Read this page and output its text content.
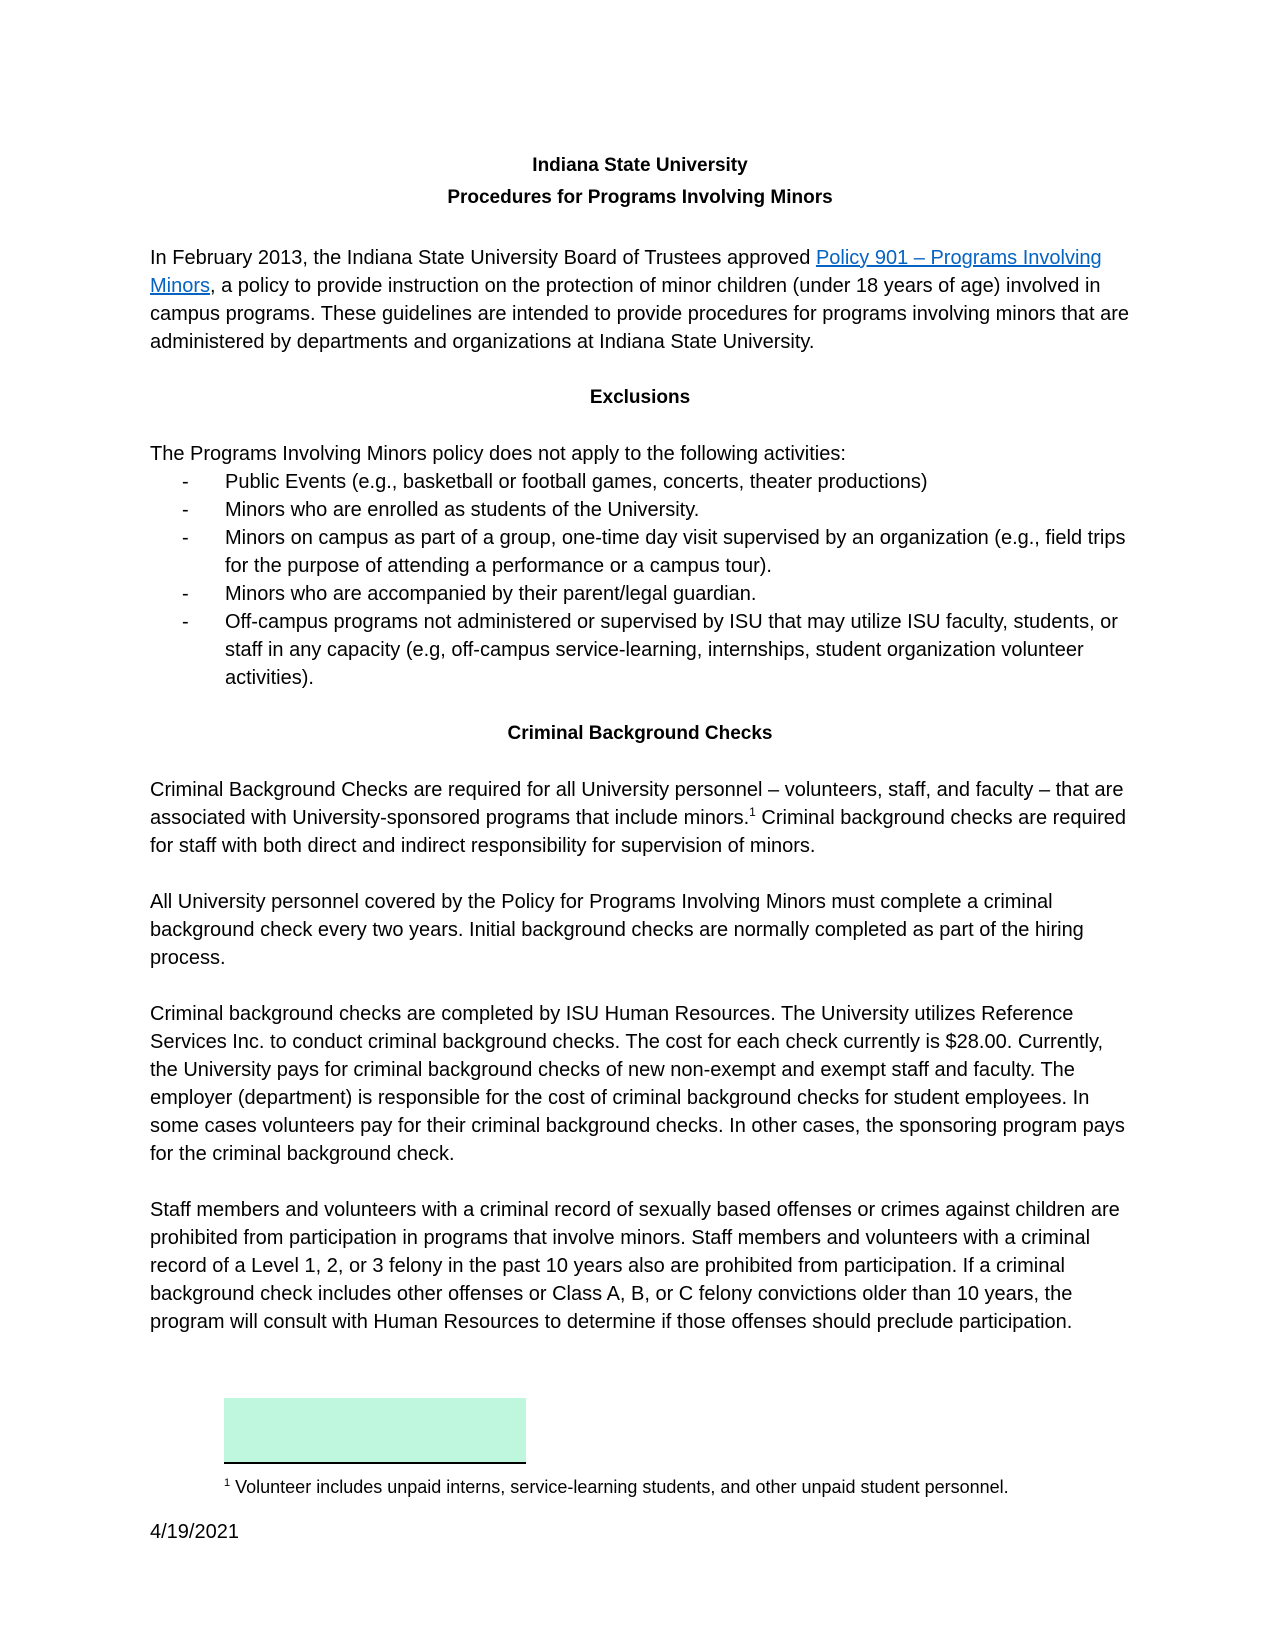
Indiana State University

Procedures for Programs Involving Minors

In February 2013, the Indiana State University Board of Trustees approved Policy 901 – Programs Involving Minors, a policy to provide instruction on the protection of minor children (under 18 years of age) involved in campus programs. These guidelines are intended to provide procedures for programs involving minors that are administered by departments and organizations at Indiana State University.

Exclusions

The Programs Involving Minors policy does not apply to the following activities:

- Public Events (e.g., basketball or football games, concerts, theater productions)
- Minors who are enrolled as students of the University.
- Minors on campus as part of a group, one-time day visit supervised by an organization (e.g., field trips for the purpose of attending a performance or a campus tour).
- Minors who are accompanied by their parent/legal guardian.
- Off-campus programs not administered or supervised by ISU that may utilize ISU faculty, students, or staff in any capacity (e.g, off-campus service-learning, internships, student organization volunteer activities).

Criminal Background Checks

Criminal Background Checks are required for all University personnel – volunteers, staff, and faculty – that are associated with University-sponsored programs that include minors.$^1$ Criminal background checks are required for staff with both direct and indirect responsibility for supervision of minors.

All University personnel covered by the Policy for Programs Involving Minors must complete a criminal background check every two years. Initial background checks are normally completed as part of the hiring process.

Criminal background checks are completed by ISU Human Resources. The University utilizes Reference Services Inc. to conduct criminal background checks. The cost for each check currently is $28.00. Currently, the University pays for criminal background checks of new non-exempt and exempt staff and faculty. The employer (department) is responsible for the cost of criminal background checks for student employees. In some cases volunteers pay for their criminal background checks. In other cases, the sponsoring program pays for the criminal background check.

Staff members and volunteers with a criminal record of sexually based offenses or crimes against children are prohibited from participation in programs that involve minors. Staff members and volunteers with a criminal record of a Level 1, 2, or 3 felony in the past 10 years also are prohibited from participation. If a criminal background check includes other offenses or Class A, B, or C felony convictions older than 10 years, the program will consult with Human Resources to determine if those offenses should preclude participation.

$^1$ Volunteer includes unpaid interns, service-learning students, and other unpaid student personnel.
4/19/2021
